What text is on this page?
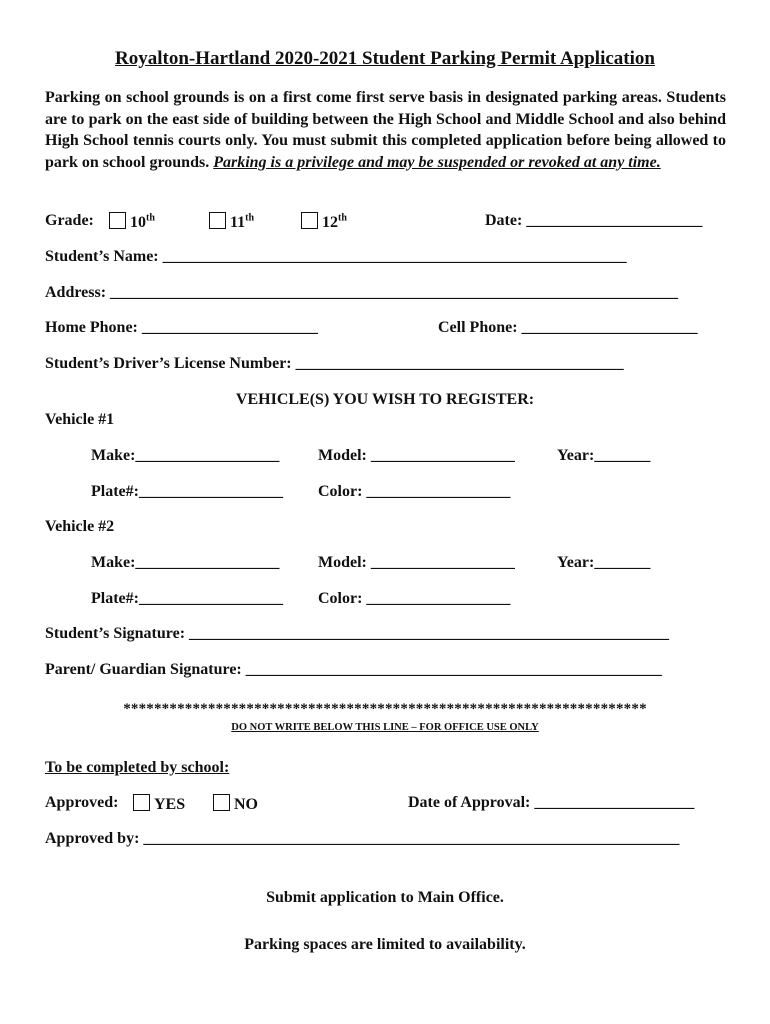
Royalton-Hartland 2020-2021 Student Parking Permit Application
Parking on school grounds is on a first come first serve basis in designated parking areas. Students are to park on the east side of building between the High School and Middle School and also behind High School tennis courts only. You must submit this completed application before being allowed to park on school grounds. Parking is a privilege and may be suspended or revoked at any time.
Grade:	10th	11th	12th	Date: ______________________
Student’s Name: __________________________________________________________
Address: _______________________________________________________________________
Home Phone: ______________________	Cell Phone: ______________________
Student’s Driver’s License Number: _________________________________________
VEHICLE(S) YOU WISH TO REGISTER:
Vehicle #1
Make:__________________ Model: __________________	Year:_______
Plate#:__________________ Color: __________________
Vehicle #2
Make:__________________ Model: __________________	Year:_______
Plate#:__________________ Color: __________________
Student’s Signature: ____________________________________________________________
Parent/ Guardian Signature: ____________________________________________________
********************************************************************
DO NOT WRITE BELOW THIS LINE – FOR OFFICE USE ONLY
To be completed by school:
Approved:	YES	NO	Date of Approval: ____________________
Approved by: ___________________________________________________________________
Submit application to Main Office.
Parking spaces are limited to availability.
